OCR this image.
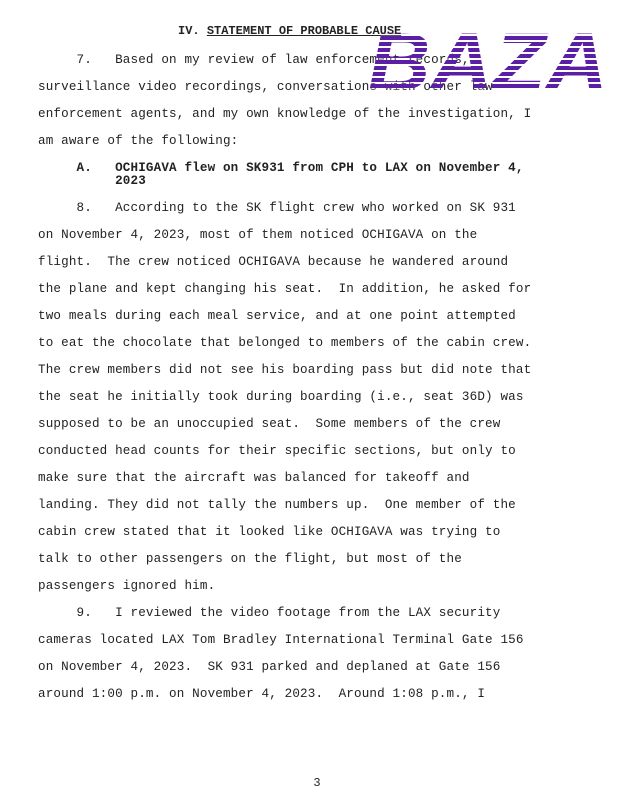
IV. STATEMENT OF PROBABLE CAUSE
7.   Based on my review of law enforcement records,
surveillance video recordings, conversations with other law
enforcement agents, and my own knowledge of the investigation, I
am aware of the following:
A.   OCHIGAVA flew on SK931 from CPH to LAX on November 4,
2023
8.   According to the SK flight crew who worked on SK 931
on November 4, 2023, most of them noticed OCHIGAVA on the
flight.  The crew noticed OCHIGAVA because he wandered around
the plane and kept changing his seat.  In addition, he asked for
two meals during each meal service, and at one point attempted
to eat the chocolate that belonged to members of the cabin crew.
The crew members did not see his boarding pass but did note that
the seat he initially took during boarding (i.e., seat 36D) was
supposed to be an unoccupied seat.  Some members of the crew
conducted head counts for their specific sections, but only to
make sure that the aircraft was balanced for takeoff and
landing. They did not tally the numbers up.  One member of the
cabin crew stated that it looked like OCHIGAVA was trying to
talk to other passengers on the flight, but most of the
passengers ignored him.
9.   I reviewed the video footage from the LAX security
cameras located LAX Tom Bradley International Terminal Gate 156
on November 4, 2023.  SK 931 parked and deplaned at Gate 156
around 1:00 p.m. on November 4, 2023.  Around 1:08 p.m., I
3
BAZA
